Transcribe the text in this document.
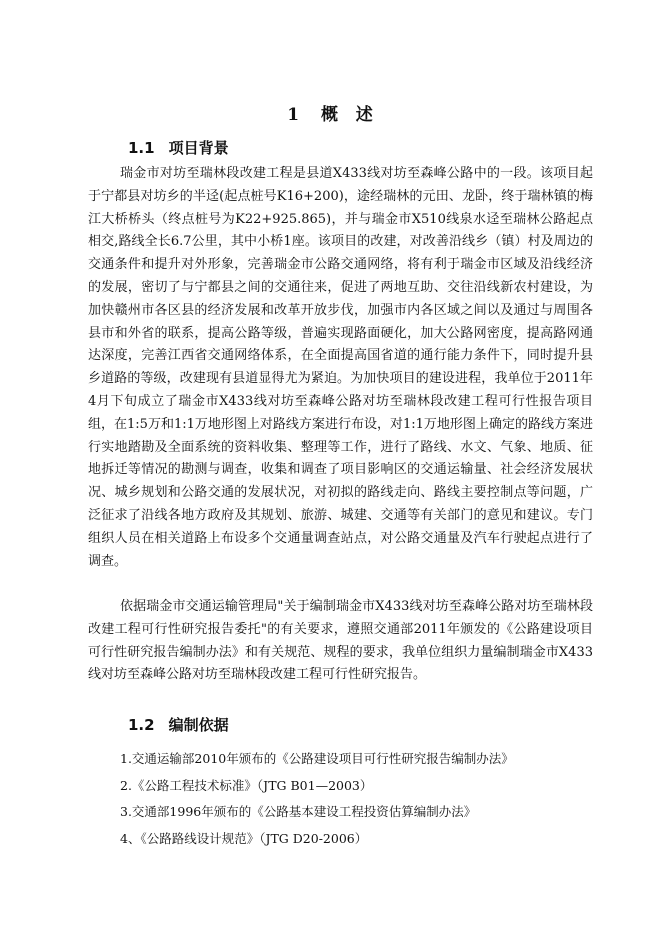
1 概  述
1.1 项目背景

瑞金市对坊至瑞林段改建工程是县道X433线对坊至森峰公路中的一段。该项目起于宁都县对坊乡的半迳(起点桩号K16+200)，途经瑞林的元田、龙卧，终于瑞林镇的梅江大桥桥头（终点桩号为K22+925.865)，并与瑞金市X510线泉水迳至瑞林公路起点相交,路线全长6.7公里，其中小桥1座。该项目的改建，对改善沿线乡（镇）村及周边的交通条件和提升对外形象，完善瑞金市公路交通网络，将有利于瑞金市区域及沿线经济的发展，密切了与宁都县之间的交通往来，促进了两地互助、交往沿线新农村建设，为加快赣州市各区县的经济发展和改革开放步伐，加强市内各区域之间以及通过与周围各县市和外省的联系，提高公路等级，普遍实现路面硬化，加大公路网密度，提高路网通达深度，完善江西省交通网络体系，在全面提高国省道的通行能力条件下，同时提升县乡道路的等级，改建现有县道显得尤为紧迫。为加快项目的建设进程，我单位于2011年4月下旬成立了瑞金市X433线对坊至森峰公路对坊至瑞林段改建工程可行性报告项目组，在1:5万和1:1万地形图上对路线方案进行布设，对1:1万地形图上确定的路线方案进行实地踏勘及全面系统的资料收集、整理等工作，进行了路线、水文、气象、地质、征地拆迁等情况的勘测与调查，收集和调查了项目影响区的交通运输量、社会经济发展状况、城乡规划和公路交通的发展状况，对初拟的路线走向、路线主要控制点等问题，广泛征求了沿线各地方政府及其规划、旅游、城建、交通等有关部门的意见和建议。专门组织人员在相关道路上布设多个交通量调查站点，对公路交通量及汽车行驶起点进行了调查。

依据瑞金市交通运输管理局"关于编制瑞金市X433线对坊至森峰公路对坊至瑞林段改建工程可行性研究报告委托"的有关要求，遵照交通部2011年颁发的《公路建设项目可行性研究报告编制办法》和有关规范、规程的要求，我单位组织力量编制瑞金市X433线对坊至森峰公路对坊至瑞林段改建工程可行性研究报告。

1.2 编制依据
1.交通运输部2010年颁布的《公路建设项目可行性研究报告编制办法》
2.《公路工程技术标准》（JTG B01—2003）
3.交通部1996年颁布的《公路基本建设工程投资估算编制办法》
4、《公路路线设计规范》（JTG D20-2006）
